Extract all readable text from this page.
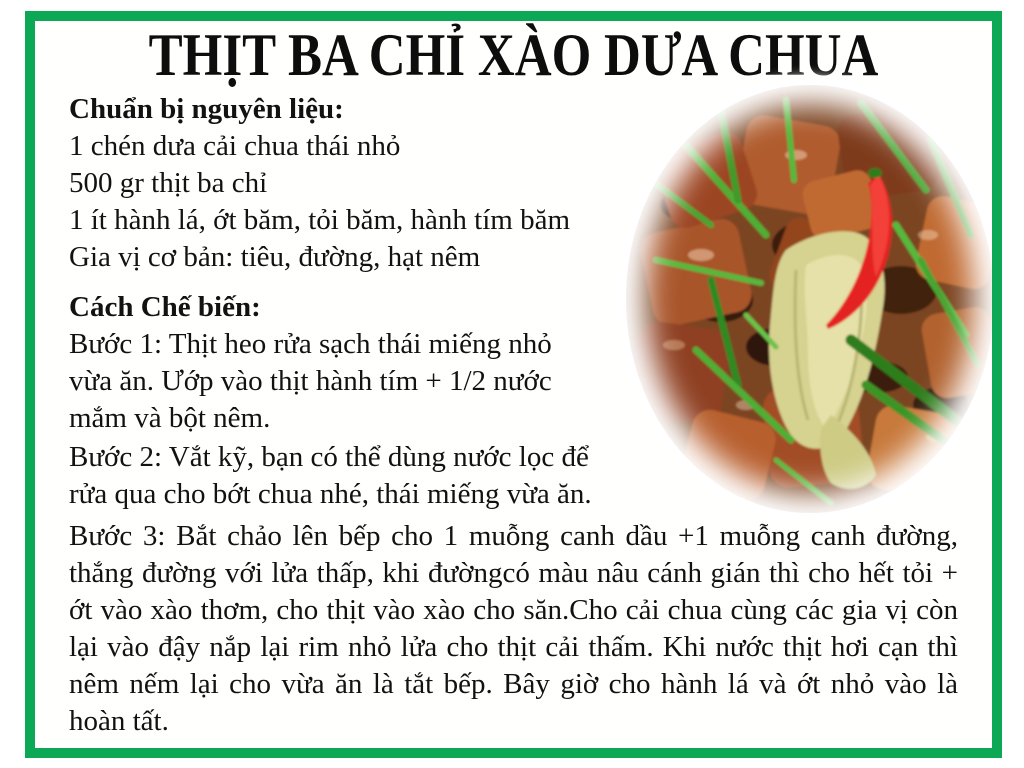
THỊT BA CHỈ XÀO DƯA CHUA
Chuẩn bị nguyên liệu:
1 chén dưa cải chua thái nhỏ
500 gr thịt ba chỉ
1 ít hành lá, ớt băm, tỏi băm, hành tím băm
Gia vị cơ bản: tiêu, đường, hạt nêm
Cách Chế biến:
Bước 1: Thịt heo rửa sạch thái miếng nhỏ
vừa ăn. Ướp vào thịt hành tím + 1/2 nước
mắm và bột nêm.
Bước 2: Vắt kỹ, bạn có thể dùng nước lọc để
rửa qua cho bớt chua nhé, thái miếng vừa ăn.
Bước 3: Bắt chảo lên bếp cho 1 muỗng canh dầu +1 muỗng canh đường, thắng đường với lửa thấp, khi đườngcó màu nâu cánh gián thì cho hết tỏi + ớt vào xào thơm, cho thịt vào xào cho săn.Cho cải chua cùng các gia vị còn lại vào đậy nắp lại rim nhỏ lửa cho thịt cải thấm. Khi nước thịt hơi cạn thì nêm nếm lại cho vừa ăn là tắt bếp. Bây giờ cho hành lá và ớt nhỏ vào là hoàn tất.
